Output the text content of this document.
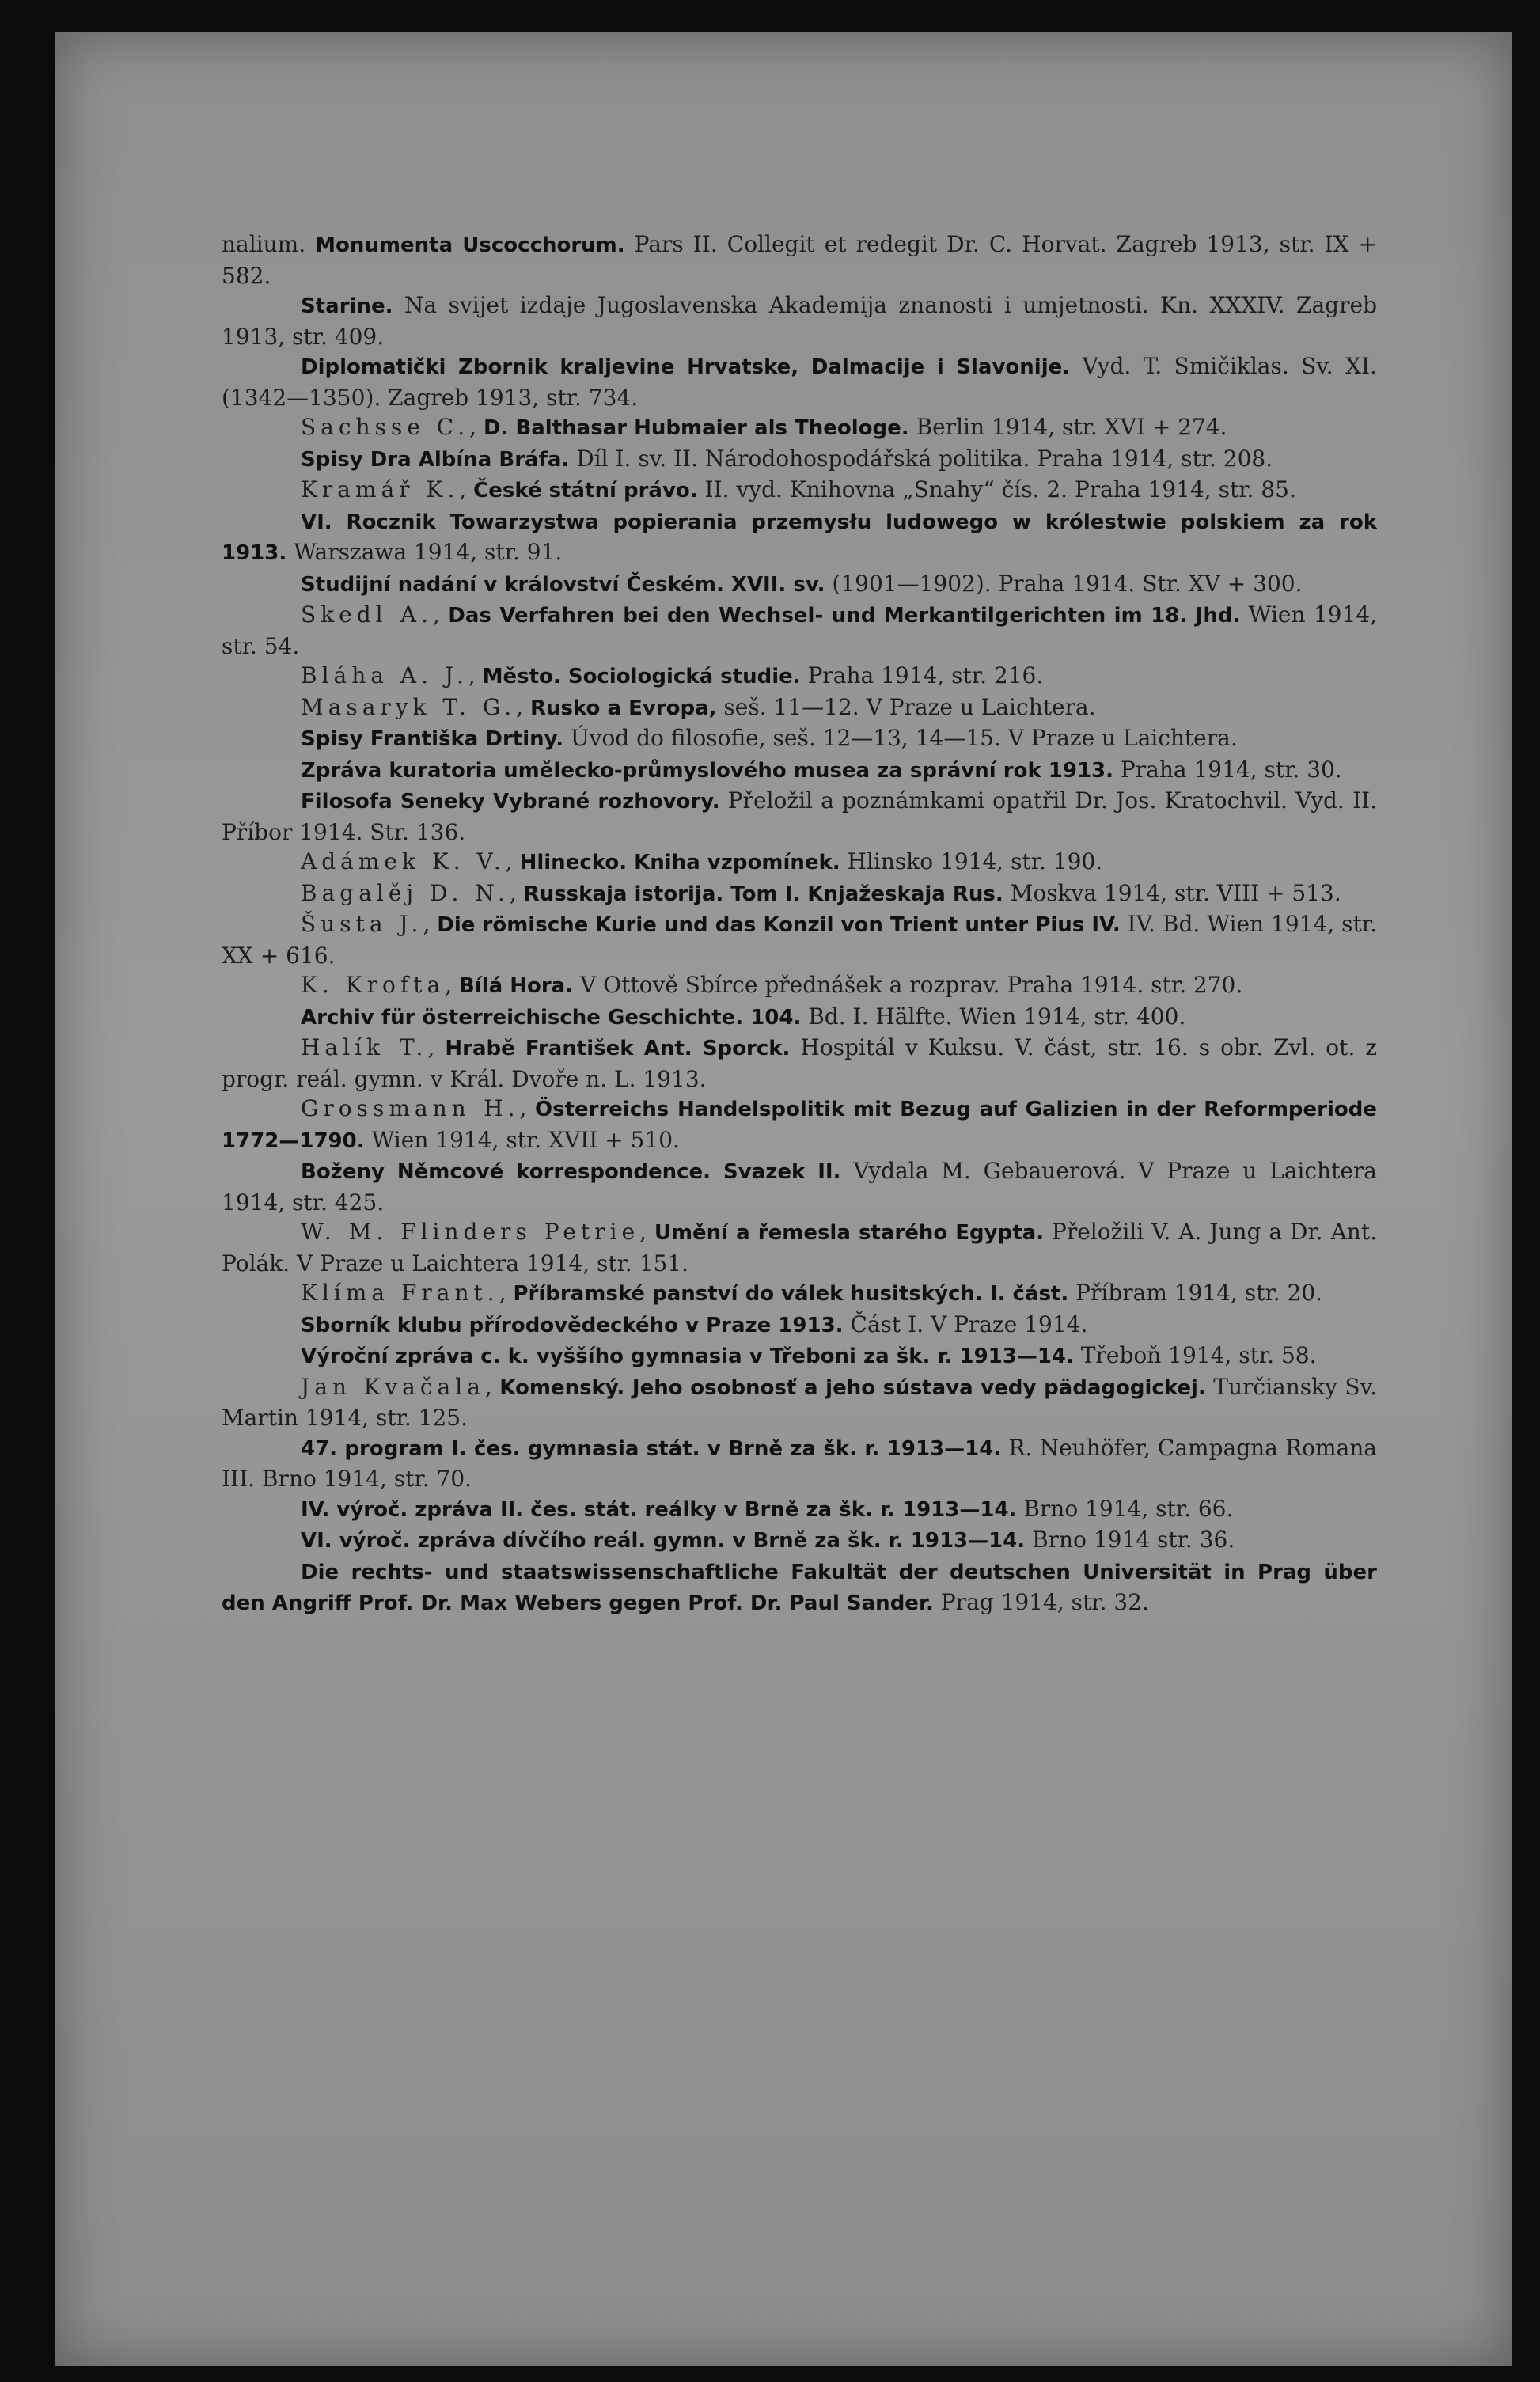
nalium. Monumenta Uscocchorum. Pars II. Collegit et redegit Dr. C. Horvat. Zagreb 1913, str. IX + 582.

Starine. Na svijet izdaje Jugoslavenska Akademija znanosti i umjetnosti. Kn. XXXIV. Zagreb 1913, str. 409.

Diplomatički Zbornik kraljevine Hrvatske, Dalmacije i Slavonije. Vyd. T. Smičiklas. Sv. XI. (1342—1350). Zagreb 1913, str. 734.

Sachsse C., D. Balthasar Hubmaier als Theologe. Berlin 1914, str. XVI + 274.

Spisy Dra Albína Bráfa. Díl I. sv. II. Národohospodářská politika. Praha 1914, str. 208.

Kramář K., České státní právo. II. vyd. Knihovna „Snahy“ čís. 2. Praha 1914, str. 85.

VI. Rocznik Towarzystwa popierania przemysłu ludowego w królestwie polskiem za rok 1913. Warszawa 1914, str. 91.

Studijní nadání v království Českém. XVII. sv. (1901—1902). Praha 1914. Str. XV + 300.

Skedl A., Das Verfahren bei den Wechsel- und Merkantilgerichten im 18. Jhd. Wien 1914, str. 54.

Bláha A. J., Město. Sociologická studie. Praha 1914, str. 216.

Masaryk T. G., Rusko a Evropa, seš. 11—12. V Praze u Laichtera.

Spisy Františka Drtiny. Úvod do filosofie, seš. 12—13, 14—15. V Praze u Laichtera.

Zpráva kuratoria umělecko-průmyslového musea za správní rok 1913. Praha 1914, str. 30.

Filosofa Seneky Vybrané rozhovory. Přeložil a poznámkami opatřil Dr. Jos. Kratochvil. Vyd. II. Příbor 1914. Str. 136.

Adámek K. V., Hlinecko. Kniha vzpomínek. Hlinsko 1914, str. 190.

Bagalěj D. N., Russkaja istorija. Tom I. Knjažeskaja Rus. Moskva 1914, str. VIII + 513.

Šusta J., Die römische Kurie und das Konzil von Trient unter Pius IV. IV. Bd. Wien 1914, str. XX + 616.

K. Krofta, Bílá Hora. V Ottově Sbírce přednášek a rozprav. Praha 1914. str. 270.

Archiv für österreichische Geschichte. 104. Bd. I. Hälfte. Wien 1914, str. 400.

Halík T., Hrabě František Ant. Sporck. Hospitál v Kuksu. V. část, str. 16. s obr. Zvl. ot. z progr. reál. gymn. v Král. Dvoře n. L. 1913.

Grossmann H., Österreichs Handelspolitik mit Bezug auf Galizien in der Reformperiode 1772—1790. Wien 1914, str. XVII + 510.

Boženy Němcové korrespondence. Svazek II. Vydala M. Gebauerová. V Praze u Laichtera 1914, str. 425.

W. M. Flinders Petrie, Umění a řemesla starého Egypta. Přeložili V. A. Jung a Dr. Ant. Polák. V Praze u Laichtera 1914, str. 151.

Klíma Frant., Příbramské panství do válek husitských. I. část. Příbram 1914, str. 20.

Sborník klubu přírodovědeckého v Praze 1913. Část I. V Praze 1914.

Výroční zpráva c. k. vyššího gymnasia v Třeboni za šk. r. 1913—14. Třeboň 1914, str. 58.

Jan Kvačala, Komenský. Jeho osobnosť a jeho sústava vedy pädagogickej. Turčiansky Sv. Martin 1914, str. 125.

47. program I. čes. gymnasia stát. v Brně za šk. r. 1913—14. R. Neuhöfer, Campagna Romana III. Brno 1914, str. 70.

IV. výroč. zpráva II. čes. stát. reálky v Brně za šk. r. 1913—14. Brno 1914, str. 66.

VI. výroč. zpráva dívčího reál. gymn. v Brně za šk. r. 1913—14. Brno 1914 str. 36.

Die rechts- und staatswissenschaftliche Fakultät der deutschen Universität in Prag über den Angriff Prof. Dr. Max Webers gegen Prof. Dr. Paul Sander. Prag 1914, str. 32.
